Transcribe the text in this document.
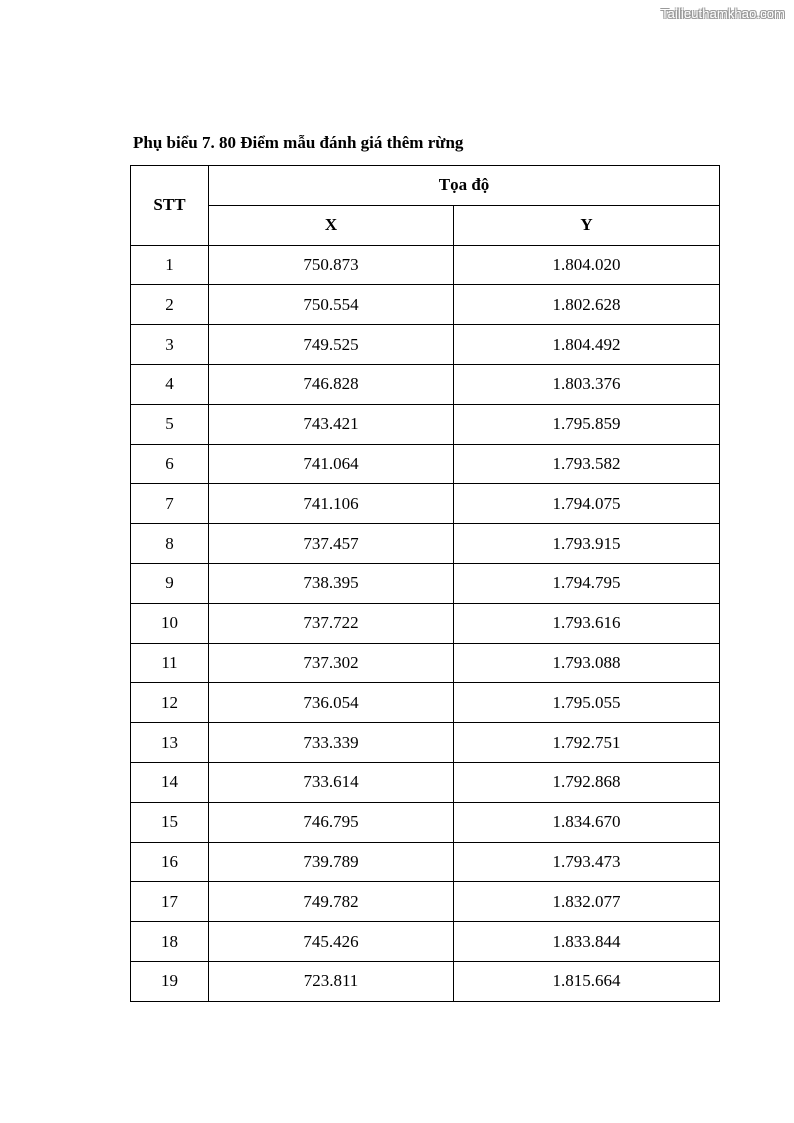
Tailieuthamkhao.com
Phụ biểu 7. 80 Điểm mẫu đánh giá thêm rừng
STT	Tọa độ	
	X	Y
1	750.873	1.804.020
2	750.554	1.802.628
3	749.525	1.804.492
4	746.828	1.803.376
5	743.421	1.795.859
6	741.064	1.793.582
7	741.106	1.794.075
8	737.457	1.793.915
9	738.395	1.794.795
10	737.722	1.793.616
11	737.302	1.793.088
12	736.054	1.795.055
13	733.339	1.792.751
14	733.614	1.792.868
15	746.795	1.834.670
16	739.789	1.793.473
17	749.782	1.832.077
18	745.426	1.833.844
19	723.811	1.815.664
